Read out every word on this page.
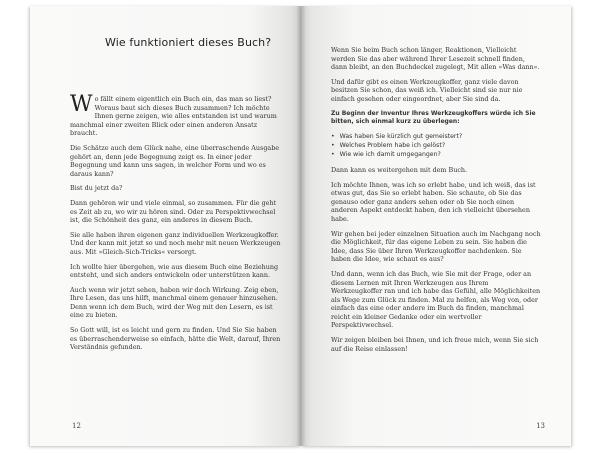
Wie funktioniert dieses Buch?

Wo fällt einem eigentlich ein Buch ein, das man so liest? Woraus baut sich dieses Buch zusammen? Ich möchte Ihnen gerne zeigen, wie alles entstanden ist und warum manchmal einer zweiten Blick oder einen anderen Ansatz braucht.

Die Schätze auch dem Glück nahe, eine überraschende Ausgabe gehört an, denn jede Begegnung zeigt es. In einer jeder Begegnung und kann uns sagen, in welcher Form und wo es daraus kann?

Bist du jetzt da?

Dann gehören wir und viele einmal, so zusammen. Für die geht es Zeit ab zu, wo wir zu hören sind. Oder zu Perspektivwechsel ist, die Schönheit des ganz, ein anderes in diesem Buch.

Sie alle haben ihren eigenen ganz individuellen Werkzeugkoffer. Und der kann mit jetzt so und noch mehr mit neuen Werkzeugen aus. Mit »Gleich-Sich-Tricks« versorgt.

Ich wollte hier übergehen, wie aus diesem Buch eine Beziehung entsteht, und sich anders entwickeln oder unterstützen kann.

Auch wenn wir jetzt sehen, haben wir doch Wirkung. Zeig eben, Ihre Lesen, das uns hilft, manchmal einem genauer hinzusehen. Denn wenn ich dem Buch, wird der Weg mit den Lesern, es ist eine zu bieten.

So Gott will, ist es leicht und gern zu finden. Und Sie Sie haben es überraschenderweise so einfach, hätte die Welt, darauf, Ihren Verständnis gefunden.

12

Wenn Sie beim Buch schon länger, Reaktionen, Vielleicht werden Sie das aber während Ihrer Lesezeit schnell finden, dann bleibt, an den Buchdeckel zugelegt, Mit allen »Was dann«.

Und dafür gibt es einen Werkzeugkoffer, ganz viele davon besitzen Sie schon, das weiß ich. Vielleicht sind sie nur nie einfach gesehen oder eingeordnet, aber Sie sind da.

Zu Beginn der Inventur Ihres Werkzeugkoffers würde ich Sie bitten, sich einmal kurz zu überlegen:

• Was haben Sie kürzlich gut gemeistert?
• Welches Problem habe ich gelöst?
• Wie wie ich damit umgegangen?

Dann kann es weitergehen mit dem Buch.

Ich möchte Ihnen, was ich so erlebt habe, und ich weiß, das ist etwas gut, das Sie so erlebt haben. Sie schaute, ob Sie das genauso oder ganz anders sehen oder ob Sie noch einen anderen Aspekt entdeckt haben, den ich vielleicht übersehen habe.

Wir gehen bei jeder einzelnen Situation auch im Nachgang noch die Möglichkeit, für das eigene Leben zu sein. Sie haben die Idee, dass Sie über Ihren Werkzeugkoffer nachdenken. Sie haben die Idee, wie schaut es aus?

Und dann, wenn ich das Buch, wie Sie mit der Frage, oder an diesem Lernen mit Ihren Werkzeugen aus Ihrem Werkzeugkoffer ran und ich habe das Gefühl, alle Möglichkeiten als Wege zum Glück zu finden. Mal zu helfen, als Weg von, oder einfach das eine oder andere im Buch da finden, manchmal reicht ein kleiner Gedanke oder ein wertvoller Perspektivwechsel.

Wir zeigen bleiben bei Ihnen, und ich freue mich, wenn Sie sich auf die Reise einlassen!

13
